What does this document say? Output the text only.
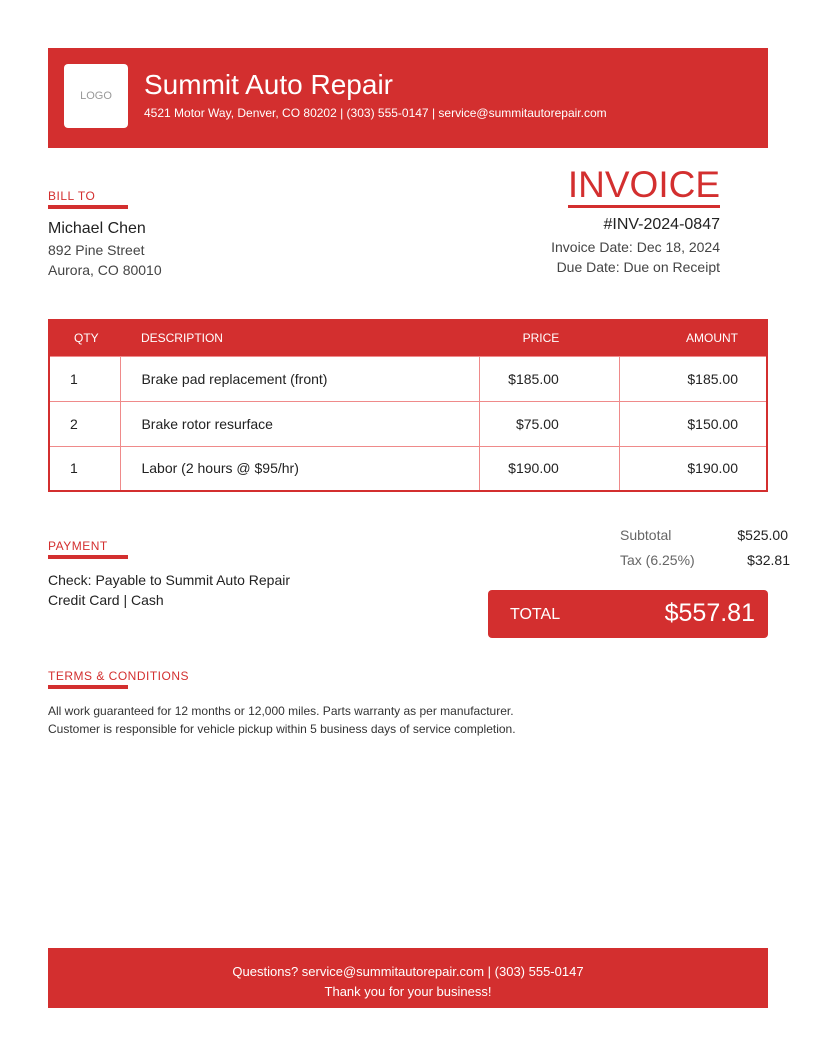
LOGO	Summit Auto Repair
4521 Motor Way, Denver, CO 80202 | (303) 555-0147 | service@summitautorepair.com
BILL TO
Michael Chen
892 Pine Street
Aurora, CO 80010
INVOICE
#INV-2024-0847
Invoice Date: Dec 18, 2024
Due Date: Due on Receipt
QTY	DESCRIPTION	PRICE	AMOUNT
1	Brake pad replacement (front)	$185.00	$185.00
2	Brake rotor resurface	$75.00	$150.00
1	Labor (2 hours @ $95/hr)	$190.00	$190.00
PAYMENT
Check: Payable to Summit Auto Repair
Credit Card | Cash
Subtotal	$525.00
Tax (6.25%)	$32.81
TOTAL	$557.81
TERMS & CONDITIONS
All work guaranteed for 12 months or 12,000 miles. Parts warranty as per manufacturer.
Customer is responsible for vehicle pickup within 5 business days of service completion.
Questions? service@summitautorepair.com | (303) 555-0147
Thank you for your business!
